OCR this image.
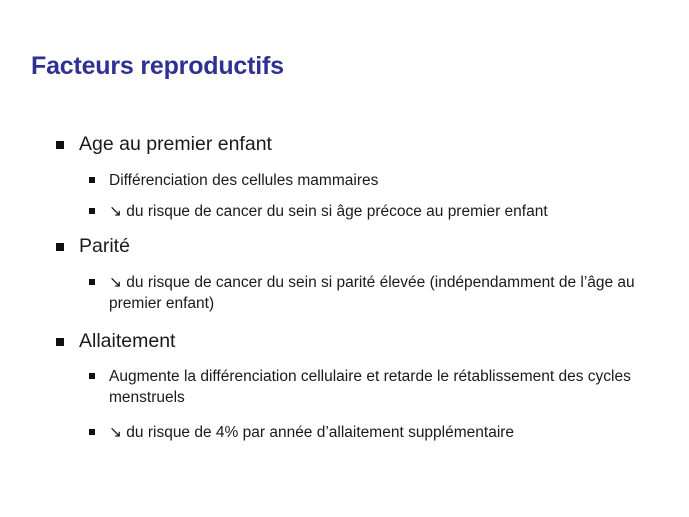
Facteurs reproductifs
Age au premier enfant
Différenciation des cellules mammaires
↘ du risque de cancer du sein si âge précoce au premier enfant
Parité
↘ du risque de cancer du sein si parité élevée (indépendamment de l’âge au premier enfant)
Allaitement
Augmente la différenciation cellulaire et retarde le rétablissement des cycles menstruels
↘ du risque de 4% par année d’allaitement supplémentaire
